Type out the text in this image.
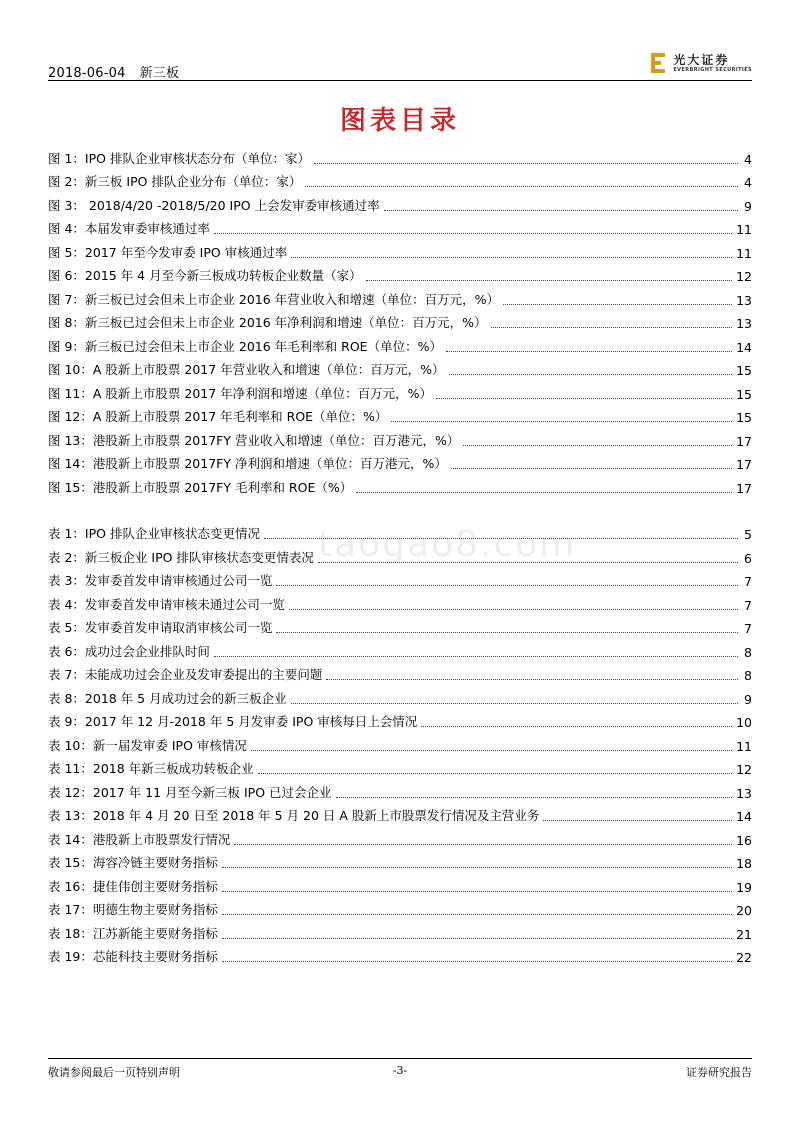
2018-06-04 新三板
光大证券
EVERBRIGHT SECURITIES
图表目录
图 1：IPO 排队企业审核状态分布（单位：家）	4
图 2：新三板 IPO 排队企业分布（单位：家）	4
图 3： 2018/4/20 -2018/5/20 IPO 上会发审委审核通过率	9
图 4：本届发审委审核通过率	11
图 5：2017 年至今发审委 IPO 审核通过率	11
图 6：2015 年 4 月至今新三板成功转板企业数量（家）	12
图 7：新三板已过会但未上市企业 2016 年营业收入和增速（单位：百万元，%）	13
图 8：新三板已过会但未上市企业 2016 年净利润和增速（单位：百万元，%）	13
图 9：新三板已过会但未上市企业 2016 年毛利率和 ROE（单位：%）	14
图 10：A 股新上市股票 2017 年营业收入和增速（单位：百万元，%）	15
图 11：A 股新上市股票 2017 年净利润和增速（单位：百万元，%）	15
图 12：A 股新上市股票 2017 年毛利率和 ROE（单位：%）	15
图 13：港股新上市股票 2017FY 营业收入和增速（单位：百万港元，%）	17
图 14：港股新上市股票 2017FY 净利润和增速（单位：百万港元，%）	17
图 15：港股新上市股票 2017FY 毛利率和 ROE（%）	17
表 1：IPO 排队企业审核状态变更情况	5
表 2：新三板企业 IPO 排队审核状态变更情表况	6
表 3：发审委首发申请审核通过公司一览	7
表 4：发审委首发申请审核未通过公司一览	7
表 5：发审委首发申请取消审核公司一览	7
表 6：成功过会企业排队时间	8
表 7：未能成功过会企业及发审委提出的主要问题	8
表 8：2018 年 5 月成功过会的新三板企业	9
表 9：2017 年 12 月-2018 年 5 月发审委 IPO 审核每日上会情况	10
表 10：新一届发审委 IPO 审核情况	11
表 11：2018 年新三板成功转板企业	12
表 12：2017 年 11 月至今新三板 IPO 已过会企业	13
表 13：2018 年 4 月 20 日至 2018 年 5 月 20 日 A 股新上市股票发行情况及主营业务	14
表 14：港股新上市股票发行情况	16
表 15：海容冷链主要财务指标	18
表 16：捷佳伟创主要财务指标	19
表 17：明德生物主要财务指标	20
表 18：江苏新能主要财务指标	21
表 19：芯能科技主要财务指标	22
taogao8.com
敬请参阅最后一页特别声明	-3-	证券研究报告
